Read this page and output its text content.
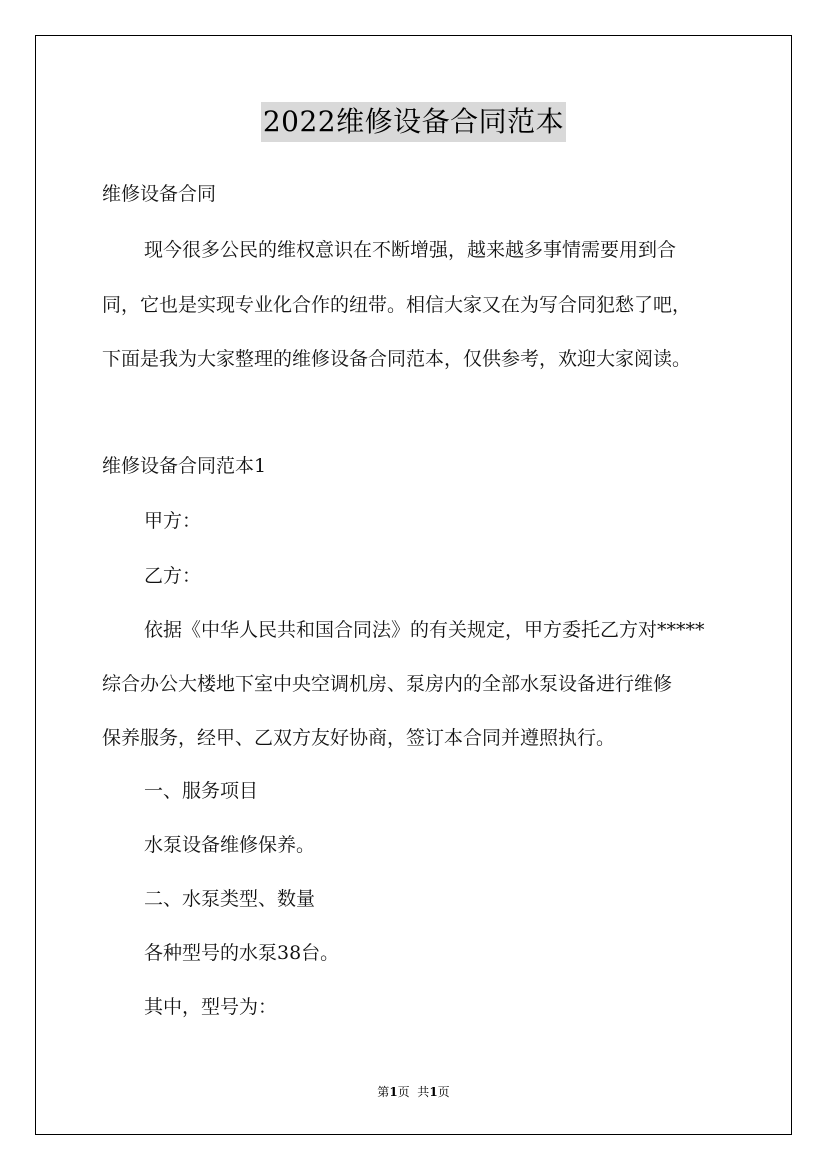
2022维修设备合同范本
维修设备合同
现今很多公民的维权意识在不断增强，越来越多事情需要用到合
同，它也是实现专业化合作的纽带。相信大家又在为写合同犯愁了吧，
下面是我为大家整理的维修设备合同范本，仅供参考，欢迎大家阅读。
维修设备合同范本1
甲方：
乙方：
依据《中华人民共和国合同法》的有关规定，甲方委托乙方对*****
综合办公大楼地下室中央空调机房、泵房内的全部水泵设备进行维修
保养服务，经甲、乙双方友好协商，签订本合同并遵照执行。
一、服务项目
水泵设备维修保养。
二、水泵类型、数量
各种型号的水泵38台。
其中，型号为：
第1页  共1页
